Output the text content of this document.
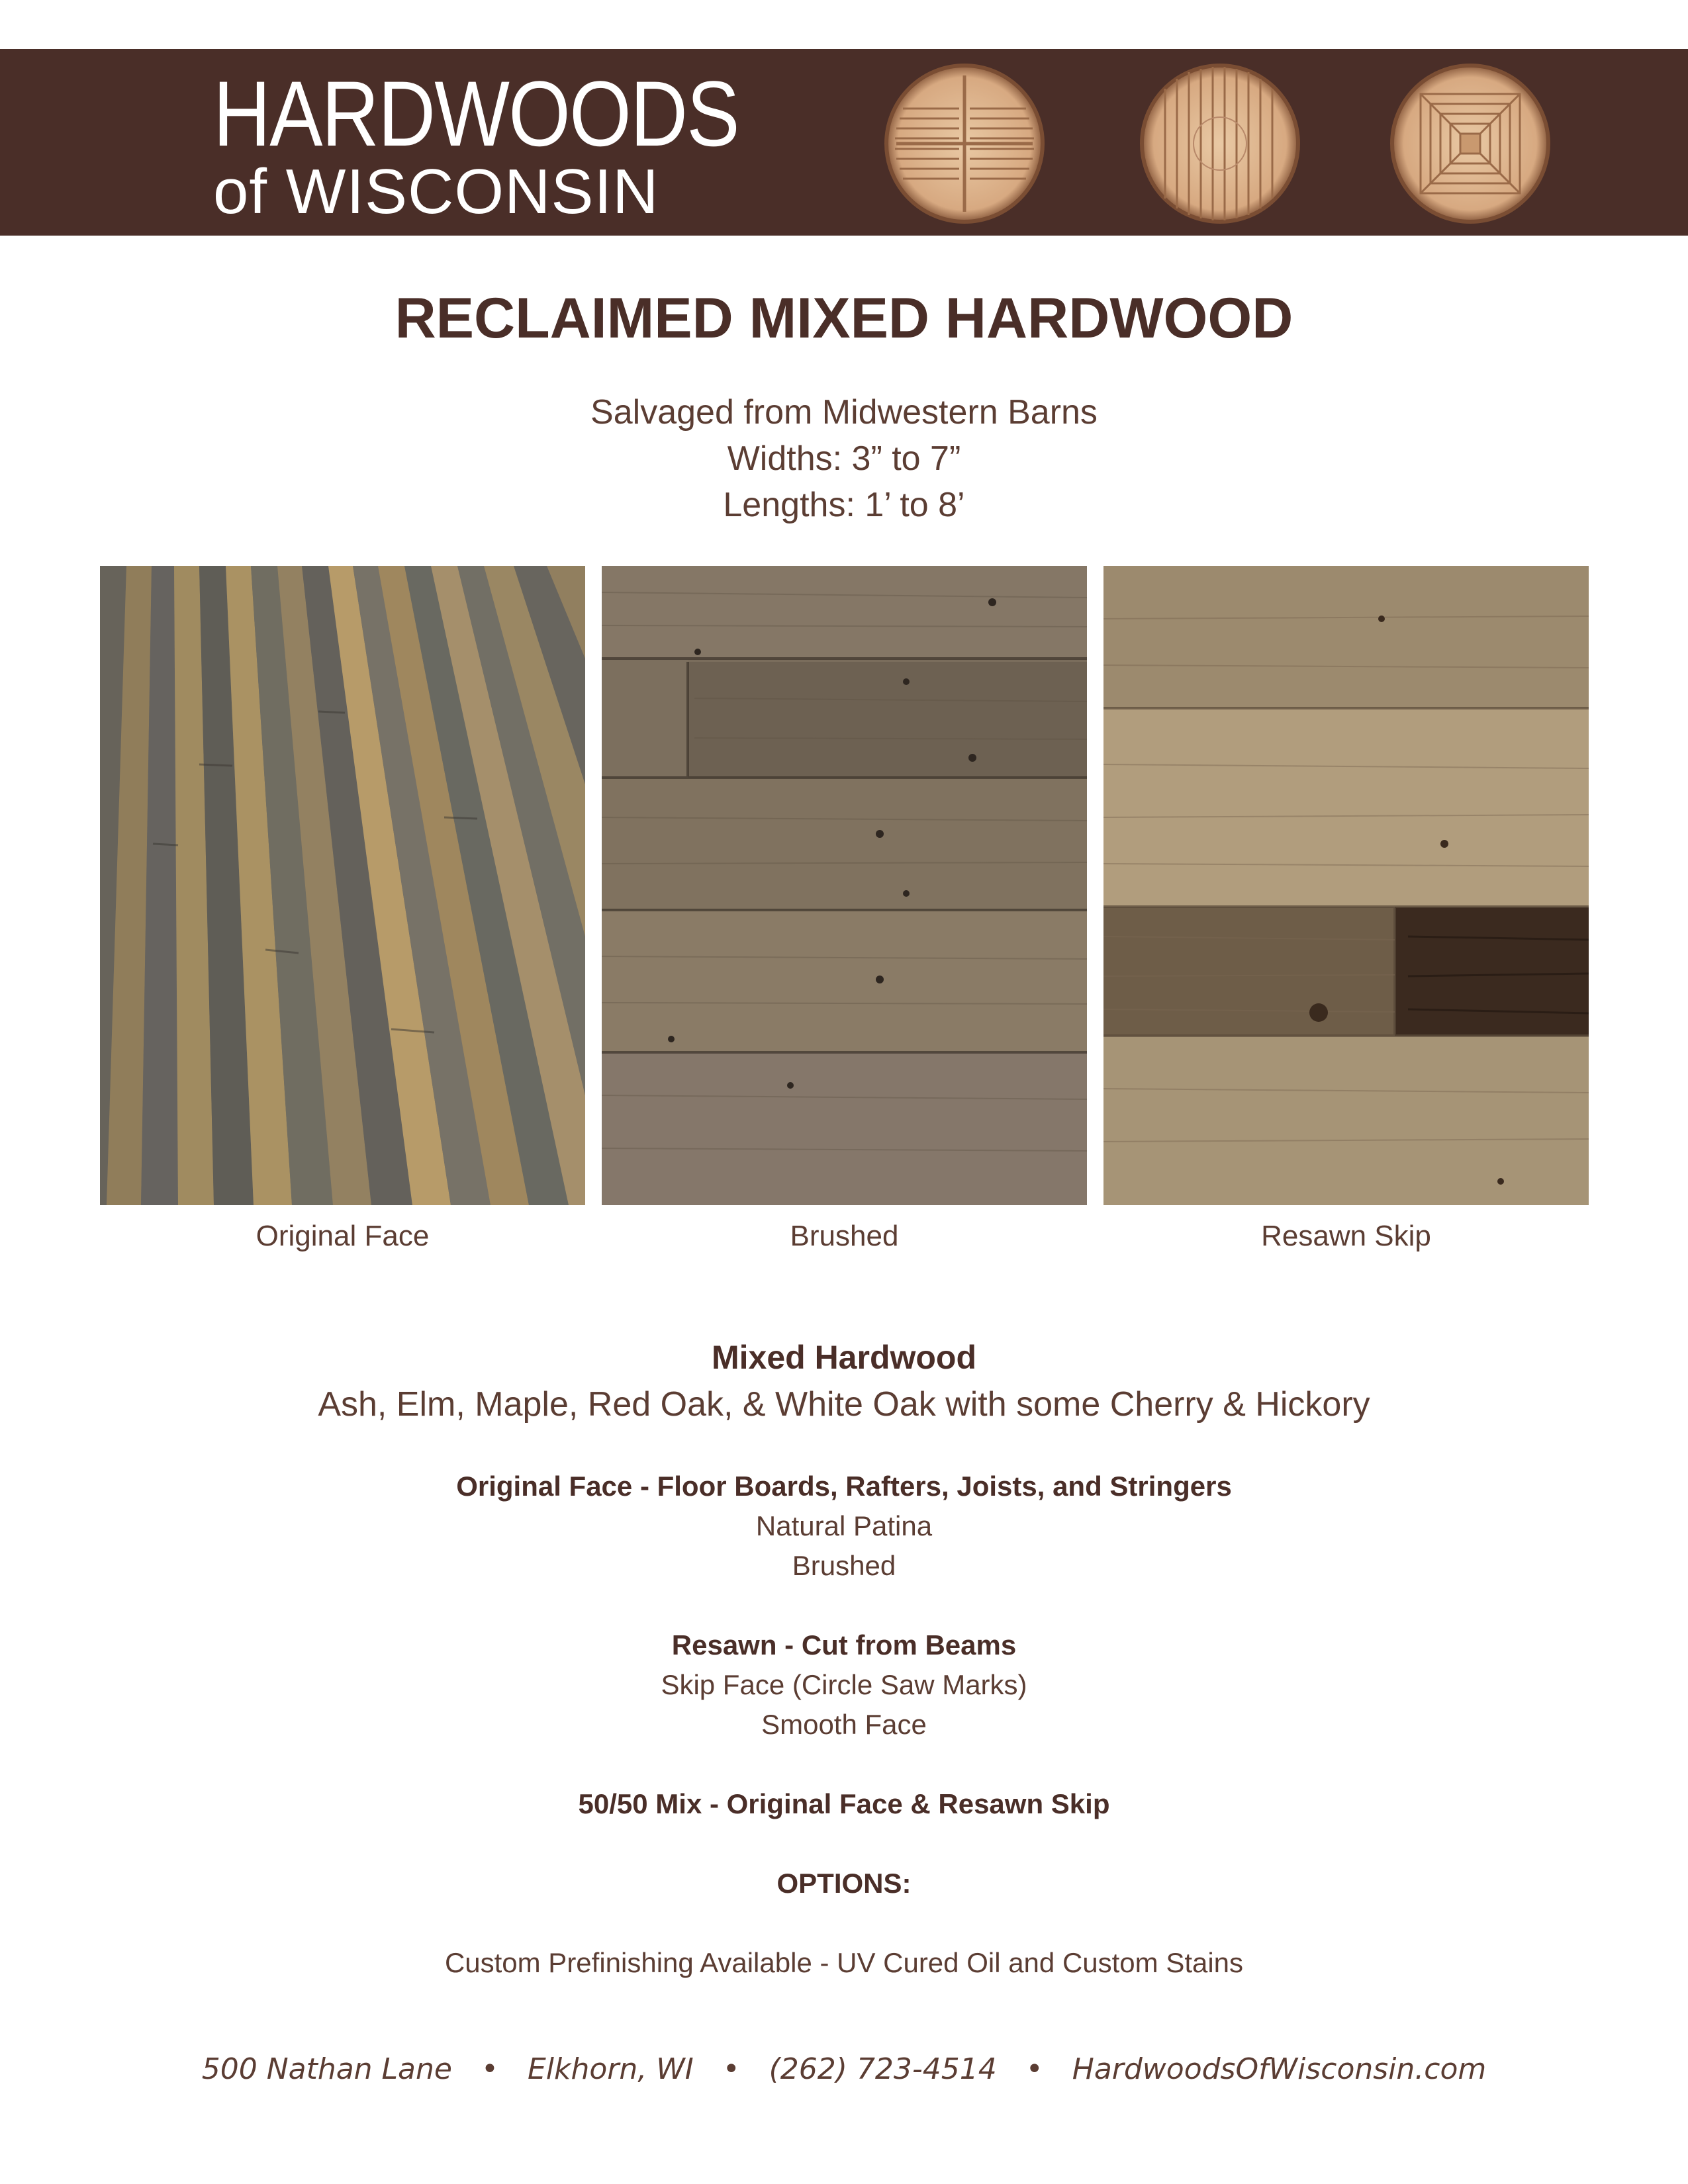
HARDWOODS
of WISCONSIN
RECLAIMED MIXED HARDWOOD
Salvaged from Midwestern Barns
Widths: 3” to 7”
Lengths: 1’ to 8’
Original Face	Brushed	Resawn Skip
Mixed Hardwood
Ash, Elm, Maple, Red Oak, & White Oak with some Cherry & Hickory
Original Face - Floor Boards, Rafters, Joists, and Stringers
Natural Patina
Brushed
Resawn - Cut from Beams
Skip Face (Circle Saw Marks)
Smooth Face
50/50 Mix - Original Face & Resawn Skip
OPTIONS:
Custom Prefinishing Available - UV Cured Oil and Custom Stains
500 Nathan Lane • Elkhorn, WI • (262) 723-4514 • HardwoodsOfWisconsin.com
